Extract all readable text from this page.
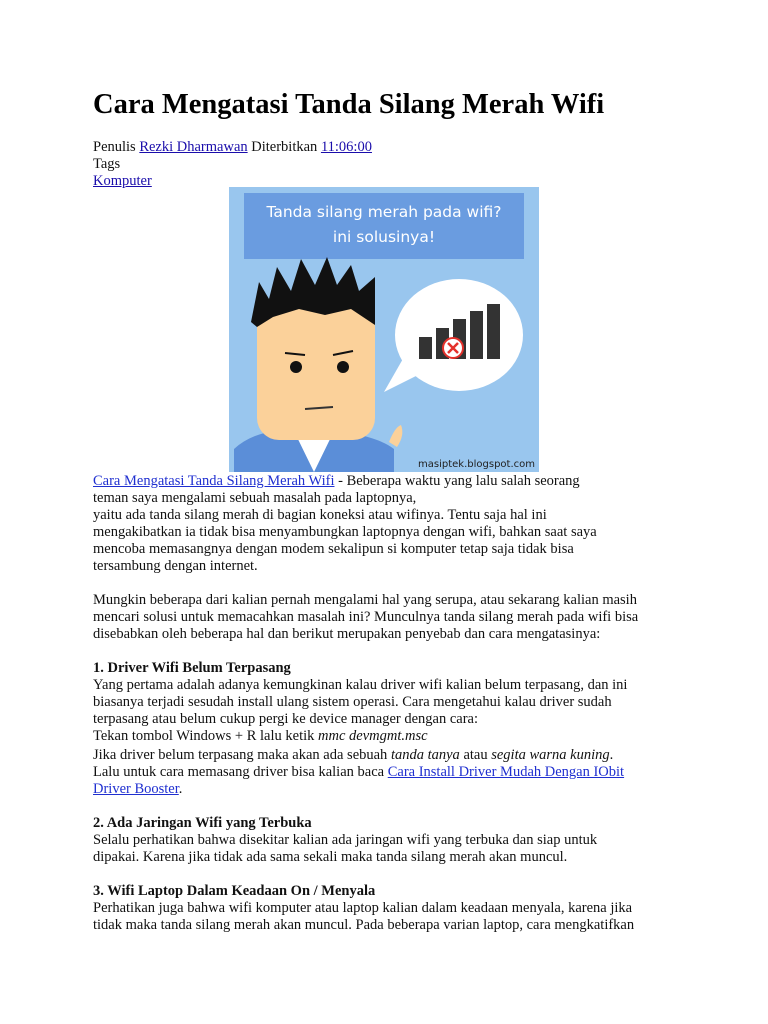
Cara Mengatasi Tanda Silang Merah Wifi
Penulis Rezki Dharmawan Diterbitkan 11:06:00
Tags
Komputer
Tanda silang merah pada wifi?
ini solusinya!
masiptek.blogspot.com

Cara Mengatasi Tanda Silang Merah Wifi - Beberapa waktu yang lalu salah seorang

teman saya mengalami sebuah masalah pada laptopnya,

yaitu ada tanda silang merah di bagian koneksi atau wifinya. Tentu saja hal ini

mengakibatkan ia tidak bisa menyambungkan laptopnya dengan wifi, bahkan saat saya

mencoba memasangnya dengan modem sekalipun si komputer tetap saja tidak bisa

tersambung dengan internet.

Mungkin beberapa dari kalian pernah mengalami hal yang serupa, atau sekarang kalian masih

mencari solusi untuk memacahkan masalah ini? Munculnya tanda silang merah pada wifi bisa

disebabkan oleh beberapa hal dan berikut merupakan penyebab dan cara mengatasinya:

1. Driver Wifi Belum Terpasang

Yang pertama adalah adanya kemungkinan kalau driver wifi kalian belum terpasang, dan ini

biasanya terjadi sesudah install ulang sistem operasi. Cara mengetahui kalau driver sudah

terpasang atau belum cukup pergi ke device manager dengan cara:

Tekan tombol Windows + R lalu ketik mmc devmgmt.msc

Jika driver belum terpasang maka akan ada sebuah tanda tanya atau segita warna kuning.

Lalu untuk cara memasang driver bisa kalian baca Cara Install Driver Mudah Dengan IObit

Driver Booster.

2. Ada Jaringan Wifi yang Terbuka

Selalu perhatikan bahwa disekitar kalian ada jaringan wifi yang terbuka dan siap untuk

dipakai. Karena jika tidak ada sama sekali maka tanda silang merah akan muncul.

3. Wifi Laptop Dalam Keadaan On / Menyala

Perhatikan juga bahwa wifi komputer atau laptop kalian dalam keadaan menyala, karena jika

tidak maka tanda silang merah akan muncul. Pada beberapa varian laptop, cara mengkatifkan
